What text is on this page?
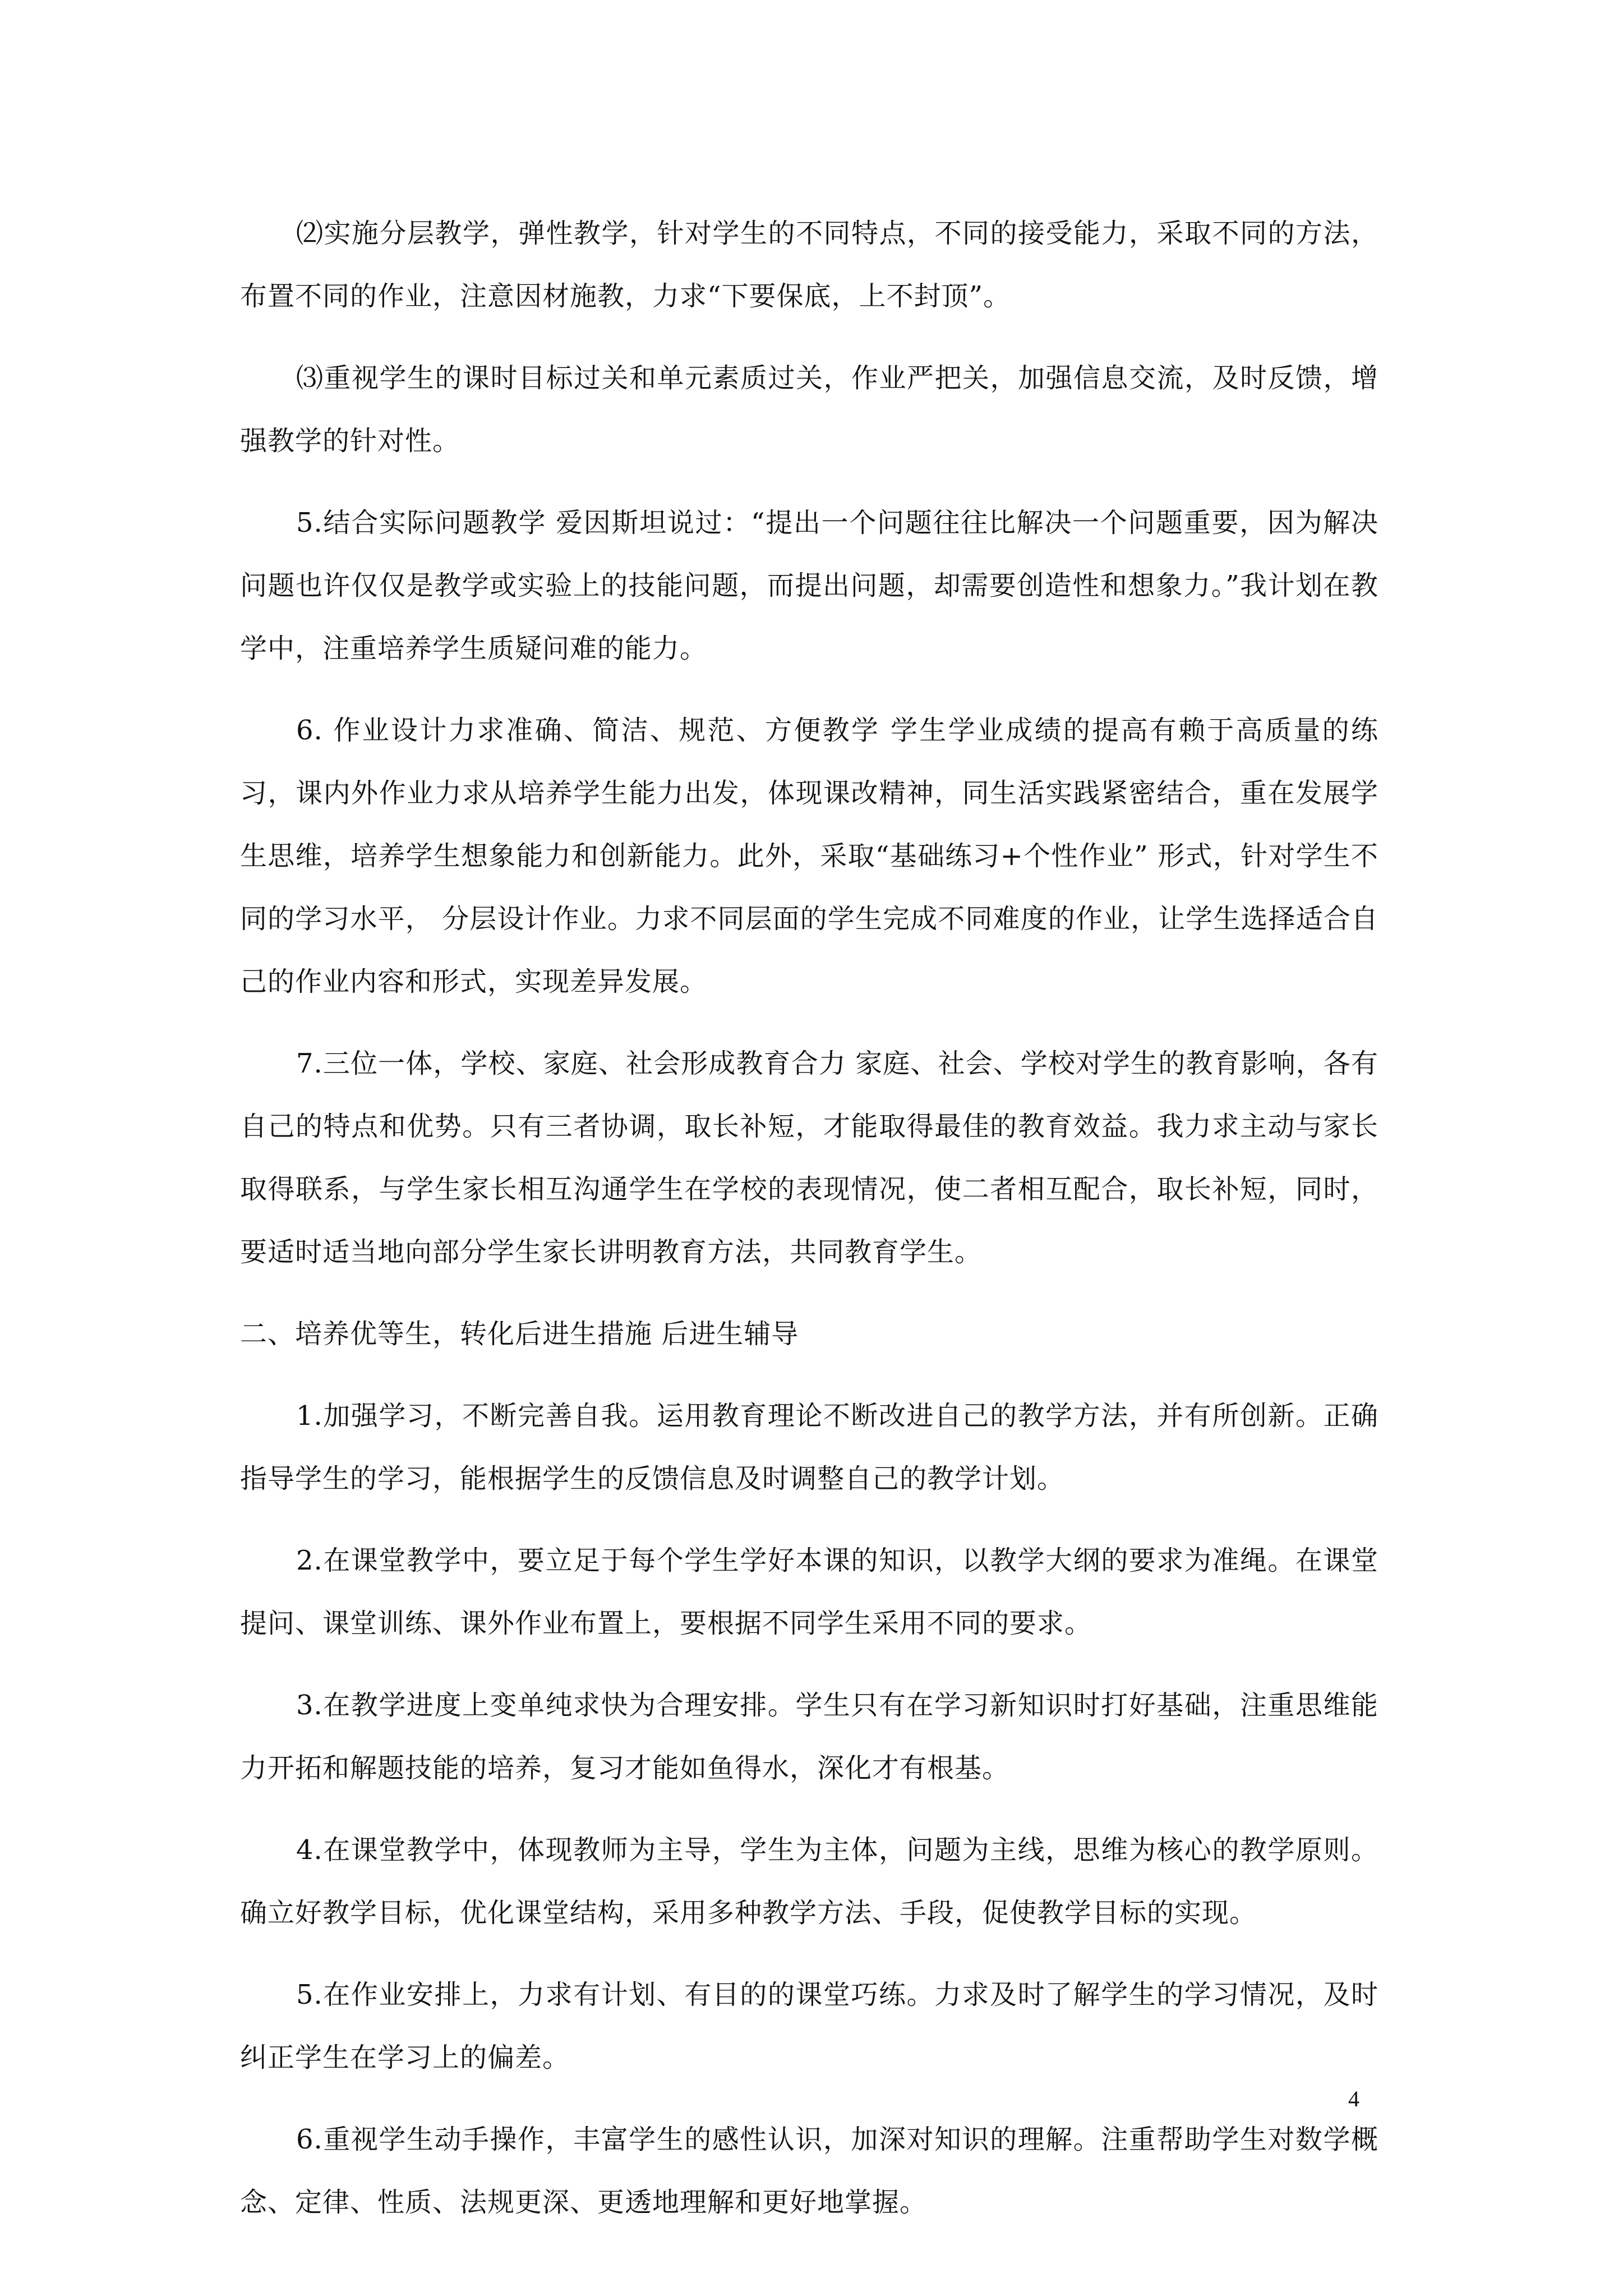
⑵实施分层教学，弹性教学，针对学生的不同特点，不同的接受能力，采取不同的方法，布置不同的作业，注意因材施教，力求“下要保底，上不封顶”。

⑶重视学生的课时目标过关和单元素质过关，作业严把关，加强信息交流，及时反馈，增强教学的针对性。

5.结合实际问题教学 爱因斯坦说过：“提出一个问题往往比解决一个问题重要，因为解决问题也许仅仅是教学或实验上的技能问题，而提出问题，却需要创造性和想象力。”我计划在教学中，注重培养学生质疑问难的能力。

6. 作业设计力求准确、简洁、规范、方便教学 学生学业成绩的提高有赖于高质量的练习，课内外作业力求从培养学生能力出发，体现课改精神，同生活实践紧密结合，重在发展学生思维，培养学生想象能力和创新能力。此外，采取“基础练习+个性作业” 形式，针对学生不同的学习水平， 分层设计作业。力求不同层面的学生完成不同难度的作业，让学生选择适合自己的作业内容和形式，实现差异发展。

7.三位一体，学校、家庭、社会形成教育合力 家庭、社会、学校对学生的教育影响，各有自己的特点和优势。只有三者协调，取长补短，才能取得最佳的教育效益。我力求主动与家长取得联系，与学生家长相互沟通学生在学校的表现情况，使二者相互配合，取长补短，同时，要适时适当地向部分学生家长讲明教育方法，共同教育学生。

二、培养优等生，转化后进生措施 后进生辅导

1.加强学习，不断完善自我。运用教育理论不断改进自己的教学方法，并有所创新。正确指导学生的学习，能根据学生的反馈信息及时调整自己的教学计划。

2.在课堂教学中，要立足于每个学生学好本课的知识，以教学大纲的要求为准绳。在课堂提问、课堂训练、课外作业布置上，要根据不同学生采用不同的要求。

3.在教学进度上变单纯求快为合理安排。学生只有在学习新知识时打好基础，注重思维能力开拓和解题技能的培养，复习才能如鱼得水，深化才有根基。

4.在课堂教学中，体现教师为主导，学生为主体，问题为主线，思维为核心的教学原则。确立好教学目标，优化课堂结构，采用多种教学方法、手段，促使教学目标的实现。

5.在作业安排上，力求有计划、有目的的课堂巧练。力求及时了解学生的学习情况，及时纠正学生在学习上的偏差。

6.重视学生动手操作，丰富学生的感性认识，加深对知识的理解。注重帮助学生对数学概念、定律、性质、法规更深、更透地理解和更好地掌握。

4
